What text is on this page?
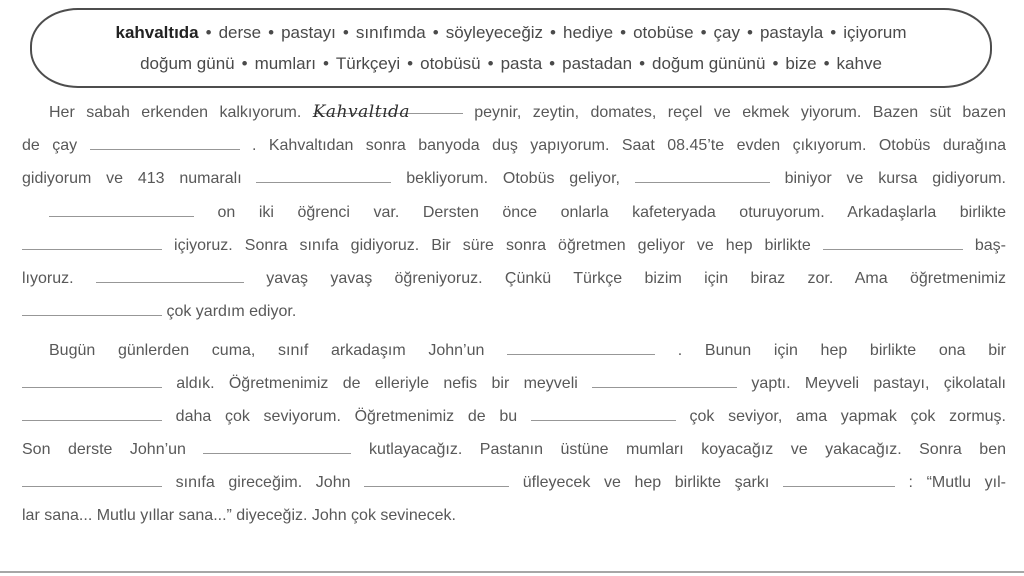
kahvaltıda • derse • pastayı • sınıfımda • söyleyeceğiz • hediye • otobüse • çay • pastayla • içiyorum
doğum günü • mumları • Türkçeyi • otobüsü • pasta • pastadan • doğum gününü • bize • kahve
Her sabah erkenden kalkıyorum. Kahvaltıda	peynir, zeytin, domates, reçel ve ekmek yiyorum. Bazen süt bazen
de çay	. Kahvaltıdan sonra banyoda duş yapıyorum. Saat 08.45’te evden çıkıyorum. Otobüs durağına
gidiyorum ve 413 numaralı	bekliyorum. Otobüs geliyor,	biniyor ve kursa gidiyorum.
on iki öğrenci var. Dersten önce onlarla kafeteryada oturuyorum. Arkadaşlarla birlikte
içiyoruz. Sonra sınıfa gidiyoruz. Bir süre sonra öğretmen geliyor ve hep birlikte	baş-
lıyoruz.	yavaş yavaş öğreniyoruz. Çünkü Türkçe bizim için biraz zor. Ama öğretmenimiz
çok yardım ediyor.
Bugün günlerden cuma, sınıf arkadaşım John’un	. Bunun için hep birlikte ona bir
aldık. Öğretmenimiz de elleriyle nefis bir meyveli	yaptı. Meyveli pastayı, çikolatalı
daha çok seviyorum. Öğretmenimiz de bu	çok seviyor, ama yapmak çok zormuş.
Son derste John’un	kutlayacağız. Pastanın üstüne mumları koyacağız ve yakacağız. Sonra ben
sınıfa gireceğim. John	üfleyecek ve hep birlikte şarkı	: “Mutlu yıl-
lar sana... Mutlu yıllar sana...” diyeceğiz. John çok sevinecek.
